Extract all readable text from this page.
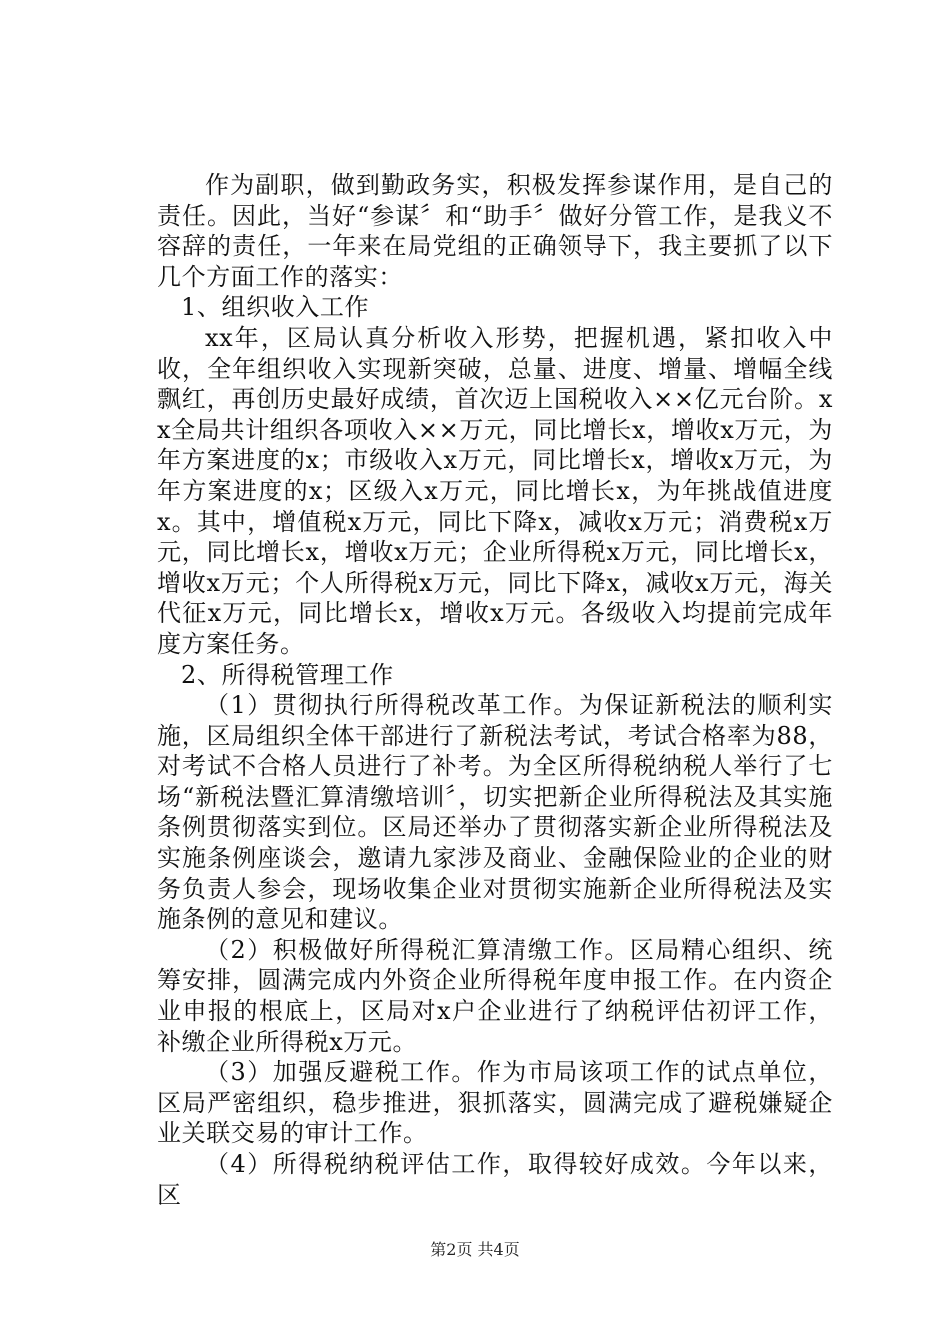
作为副职，做到勤政务实，积极发挥参谋作用，是自己的责任。因此，当好“参谋〞和“助手〞做好分管工作，是我义不容辞的责任，一年来在局党组的正确领导下，我主要抓了以下几个方面工作的落实：

1、组织收入工作

xx年，区局认真分析收入形势，把握机遇，紧扣收入中收，全年组织收入实现新突破，总量、进度、增量、增幅全线飘红，再创历史最好成绩，首次迈上国税收入××亿元台阶。xx全局共计组织各项收入××万元，同比增长x，增收x万元，为年方案进度的x；市级收入x万元，同比增长x，增收x万元，为年方案进度的x；区级入x万元，同比增长x，为年挑战值进度x。其中，增值税x万元，同比下降x，减收x万元；消费税x万元，同比增长x，增收x万元；企业所得税x万元，同比增长x，增收x万元；个人所得税x万元，同比下降x，减收x万元，海关代征x万元，同比增长x，增收x万元。各级收入均提前完成年度方案任务。

2、所得税管理工作

（1）贯彻执行所得税改革工作。为保证新税法的顺利实施，区局组织全体干部进行了新税法考试，考试合格率为88，对考试不合格人员进行了补考。为全区所得税纳税人举行了七场“新税法暨汇算清缴培训〞，切实把新企业所得税法及其实施条例贯彻落实到位。区局还举办了贯彻落实新企业所得税法及实施条例座谈会，邀请九家涉及商业、金融保险业的企业的财务负责人参会，现场收集企业对贯彻实施新企业所得税法及实施条例的意见和建议。

（2）积极做好所得税汇算清缴工作。区局精心组织、统筹安排，圆满完成内外资企业所得税年度申报工作。在内资企业申报的根底上，区局对x户企业进行了纳税评估初评工作，补缴企业所得税x万元。

（3）加强反避税工作。作为市局该项工作的试点单位，区局严密组织，稳步推进，狠抓落实，圆满完成了避税嫌疑企业关联交易的审计工作。

（4）所得税纳税评估工作，取得较好成效。今年以来，区

第2页 共4页
